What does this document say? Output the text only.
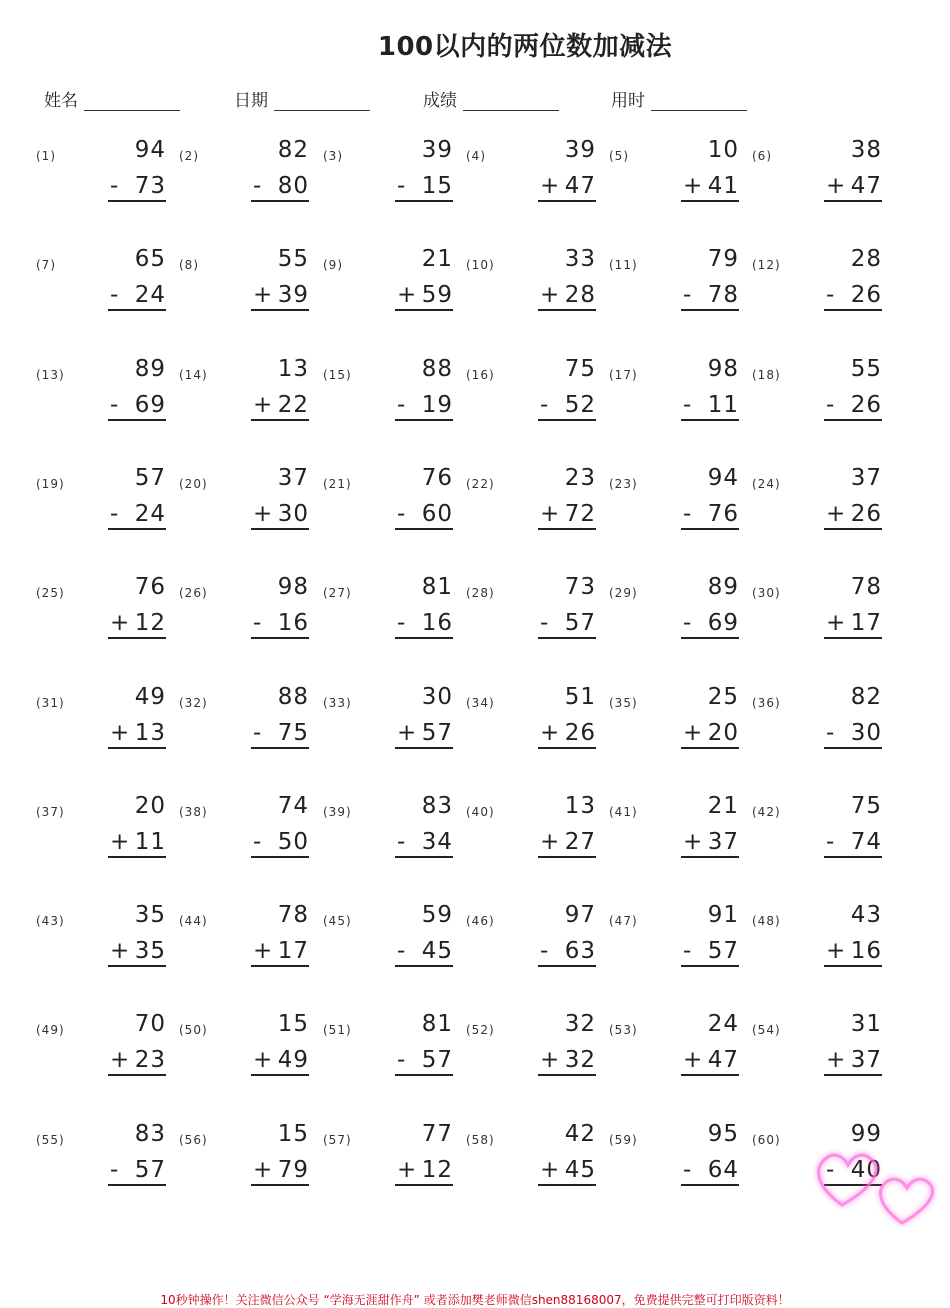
100以内的两位数加减法
姓名	日期	成绩	用时
(1)	94
- 73
(2)	82
- 80
(3)	39
- 15
(4)	39
+ 47
(5)	10
+ 41
(6)	38
+ 47
(7)	65
- 24
(8)	55
+ 39
(9)	21
+ 59
(10)	33
+ 28
(11)	79
- 78
(12)	28
- 26
(13)	89
- 69
(14)	13
+ 22
(15)	88
- 19
(16)	75
- 52
(17)	98
- 11
(18)	55
- 26
(19)	57
- 24
(20)	37
+ 30
(21)	76
- 60
(22)	23
+ 72
(23)	94
- 76
(24)	37
+ 26
(25)	76
+ 12
(26)	98
- 16
(27)	81
- 16
(28)	73
- 57
(29)	89
- 69
(30)	78
+ 17
(31)	49
+ 13
(32)	88
- 75
(33)	30
+ 57
(34)	51
+ 26
(35)	25
+ 20
(36)	82
- 30
(37)	20
+ 11
(38)	74
- 50
(39)	83
- 34
(40)	13
+ 27
(41)	21
+ 37
(42)	75
- 74
(43)	35
+ 35
(44)	78
+ 17
(45)	59
- 45
(46)	97
- 63
(47)	91
- 57
(48)	43
+ 16
(49)	70
+ 23
(50)	15
+ 49
(51)	81
- 57
(52)	32
+ 32
(53)	24
+ 47
(54)	31
+ 37
(55)	83
- 57
(56)	15
+ 79
(57)	77
+ 12
(58)	42
+ 45
(59)	95
- 64
(60)	99
- 40
10秒钟操作！关注微信公众号 “学海无涯甜作舟” 或者添加樊老师微信shen88168007，免费提供完整可打印版资料！
